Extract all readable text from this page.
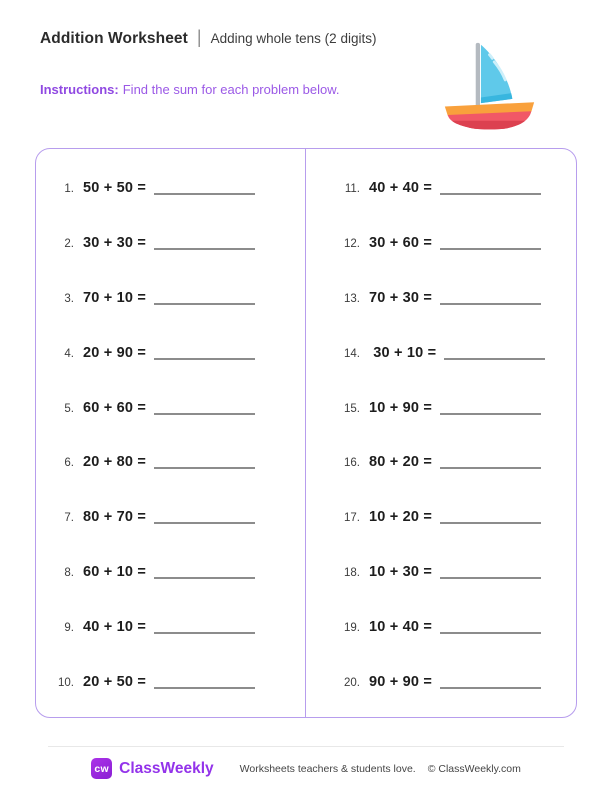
Addition Worksheet | Adding whole tens (2 digits)

Instructions: Find the sum for each problem below.

1. 50 + 50 =
2. 30 + 30 =
3. 70 + 10 =
4. 20 + 90 =
5. 60 + 60 =
6. 20 + 80 =
7. 80 + 70 =
8. 60 + 10 =
9. 40 + 10 =
10. 20 + 50 =
11. 40 + 40 =
12. 30 + 60 =
13. 70 + 30 =
14. 30 + 10 =
15. 10 + 90 =
16. 80 + 20 =
17. 10 + 20 =
18. 10 + 30 =
19. 10 + 40 =
20. 90 + 90 =
cw ClassWeekly Worksheets teachers & students love. © ClassWeekly.com
